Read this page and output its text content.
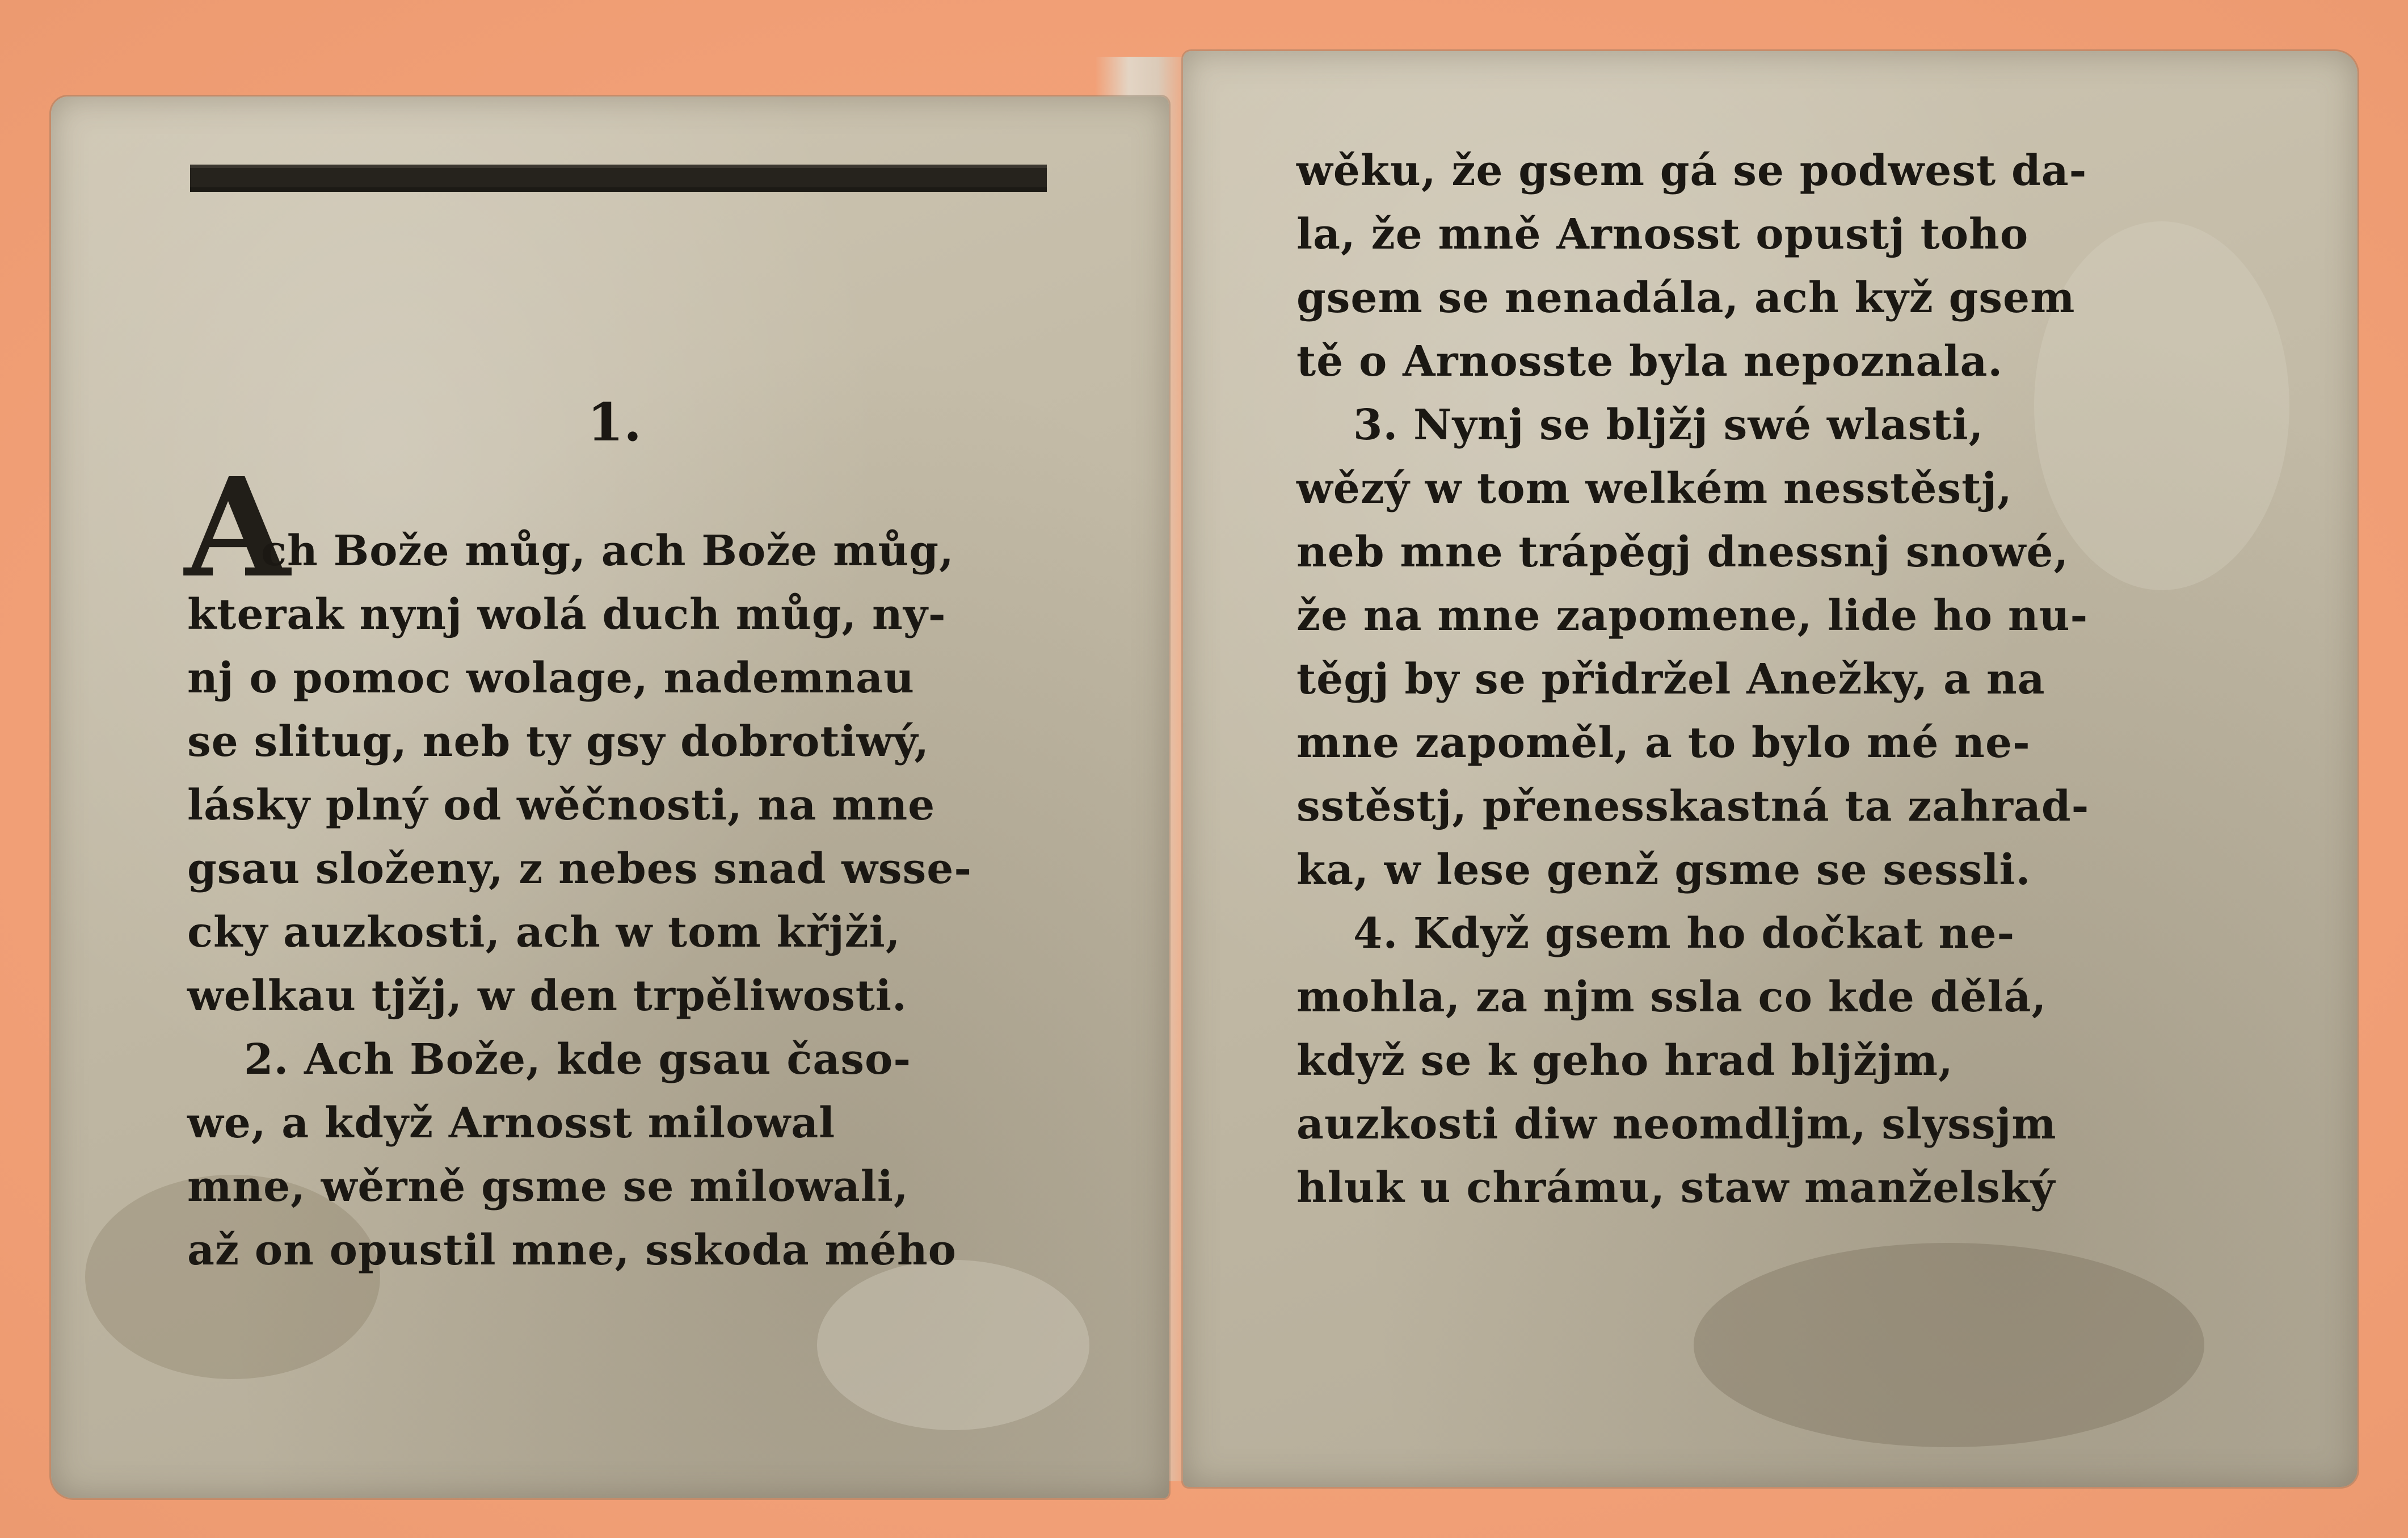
1.
A
ch Bože můg, ach Bože můg,
kterak nynj wolá duch můg, ny-
nj o pomoc wolage, nademnau
se slitug, neb ty gsy dobrotiwý,
lásky plný od wěčnosti, na mne
gsau složeny, z nebes snad wsse-
cky auzkosti, ach w tom křjži,
welkau tjžj, w den trpěliwosti.
2. Ach Bože, kde gsau časo-
we, a když Arnosst milowal
mne, wěrně gsme se milowali,
až on opustil mne, sskoda mého
wěku, že gsem gá se podwest da-
la, že mně Arnosst opustj toho
gsem se nenadála, ach kyž gsem
tě o Arnosste byla nepoznala.
3. Nynj se bljžj swé wlasti,
wězý w tom welkém nesstěstj,
neb mne trápěgj dnessnj snowé,
že na mne zapomene, lide ho nu-
těgj by se přidržel Anežky, a na
mne zapoměl, a to bylo mé ne-
sstěstj, přenesskastná ta zahrad-
ka, w lese genž gsme se sessli.
4. Když gsem ho dočkat ne-
mohla, za njm ssla co kde dělá,
když se k geho hrad bljžjm,
auzkosti diw neomdljm, slyssjm
hluk u chrámu, staw manželský
